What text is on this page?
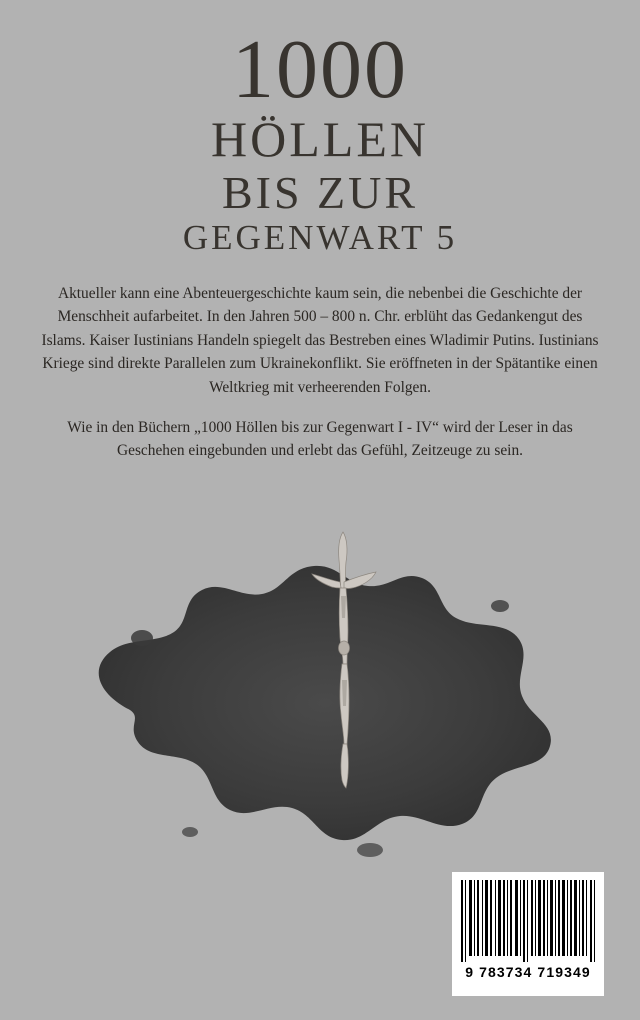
1000
HÖLLEN
BIS ZUR
GEGENWART 5

Aktueller kann eine Abenteuergeschichte kaum sein, die nebenbei die Geschichte der Menschheit aufarbeitet. In den Jahren 500 – 800 n. Chr. erblüht das Gedankengut des Islams. Kaiser Iustinians Handeln spiegelt das Bestreben eines Wladimir Putins. Iustinians Kriege sind direkte Parallelen zum Ukrainekonflikt. Sie eröffneten in der Spätantike einen Weltkrieg mit verheerenden Folgen.

Wie in den Büchern „1000 Höllen bis zur Gegenwart I - IV“ wird der Leser in das Geschehen eingebunden und erlebt das Gefühl, Zeitzeuge zu sein.

9 783734 719349
